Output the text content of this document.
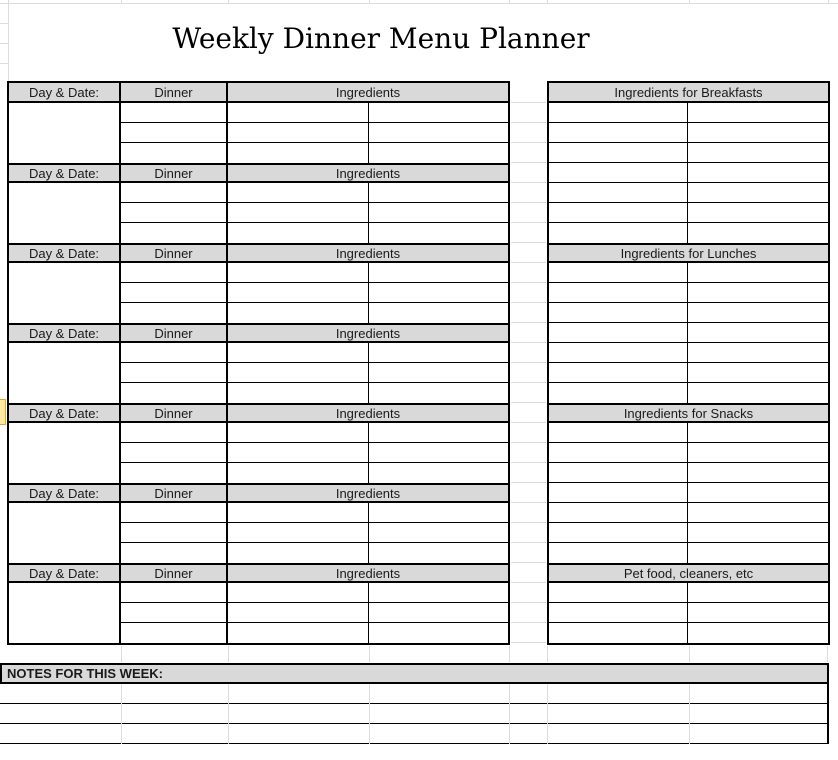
Weekly Dinner Menu Planner
Day & Date:	Dinner	Ingredients
Day & Date:	Dinner	Ingredients
Day & Date:	Dinner	Ingredients
Day & Date:	Dinner	Ingredients
Day & Date:	Dinner	Ingredients
Day & Date:	Dinner	Ingredients
Day & Date:	Dinner	Ingredients
Ingredients for Breakfasts
Ingredients for Lunches
Ingredients for Snacks
Pet food, cleaners, etc
NOTES FOR THIS WEEK:
